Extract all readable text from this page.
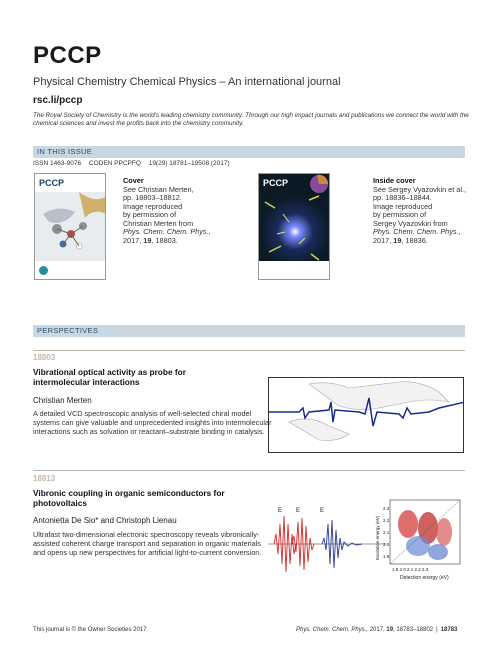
PCCP
Physical Chemistry Chemical Physics – An international journal
rsc.li/pccp
The Royal Society of Chemistry is the world's leading chemistry community. Through our high impact journals and publications we connect the world with the chemical sciences and invest the profits back into the chemistry community.
IN THIS ISSUE
ISSN 1463-9076 CODEN PPCPFQ 19(29) 18781–19508 (2017)
PCCP	Cover
See Christian Merten,
pp. 18803–18812.
Image reproduced
by permission of
Christian Merten from
Phys. Chem. Chem. Phys.,
2017, 19, 18803.
PCCP	Inside cover
See Sergey Vyazovkin et al.,
pp. 18836–18844.
Image reproduced
by permission of
Sergey Vyazovkin from
Phys. Chem. Chem. Phys.,
2017, 19, 18836.
PERSPECTIVES
18803
Vibrational optical activity as probe for
intermolecular interactions
Christian Merten
A detailed VCD spectroscopic analysis of well-selected chiral model systems can give valuable and unprecedented insights into intermolecular interactions such as solvation or reactant–substrate binding in catalysis.
18813
Vibronic coupling in organic semiconductors for
photovoltaics
Antonietta De Sio* and Christoph Lienau
Ultrafast two-dimensional electronic spectroscopy reveals vibronically-assisted coherent charge transport and separation in organic materials and opens up new perspectives for artificial light-to-current conversion.
E E	E	2.3
2.2
2.1
2.0
1.9
1.9 2.0 2.1 2.2 2.3
Detection energy (eV)
Excitation energy (eV)
This journal is © the Owner Societies 2017	Phys. Chem. Chem. Phys., 2017, 19, 18783–18802 | 18783
